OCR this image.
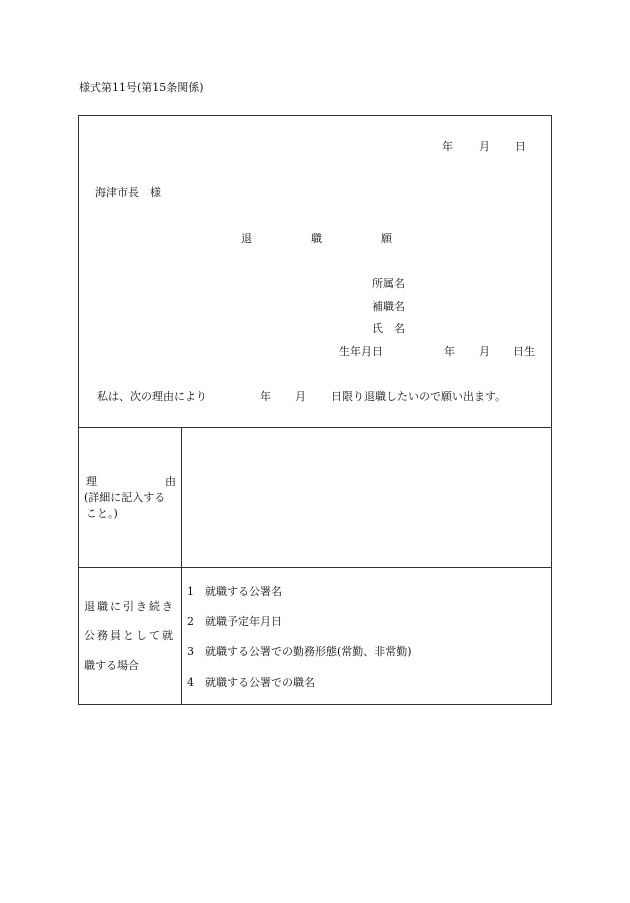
様式第11号(第15条関係)
年 月 日
海津市長　様
退	職	願
所属名
補職名
氏　名
生年月日	年 月 日生
私は、次の理由により	年 月 日限り退職したいので願い出ます。
理	由
(詳細に記入する
こと。)
退職に引き続き
公務員として就
職する場合
1 就職する公署名
2 就職予定年月日
3 就職する公署での勤務形態(常勤、非常勤)
4 就職する公署での職名
